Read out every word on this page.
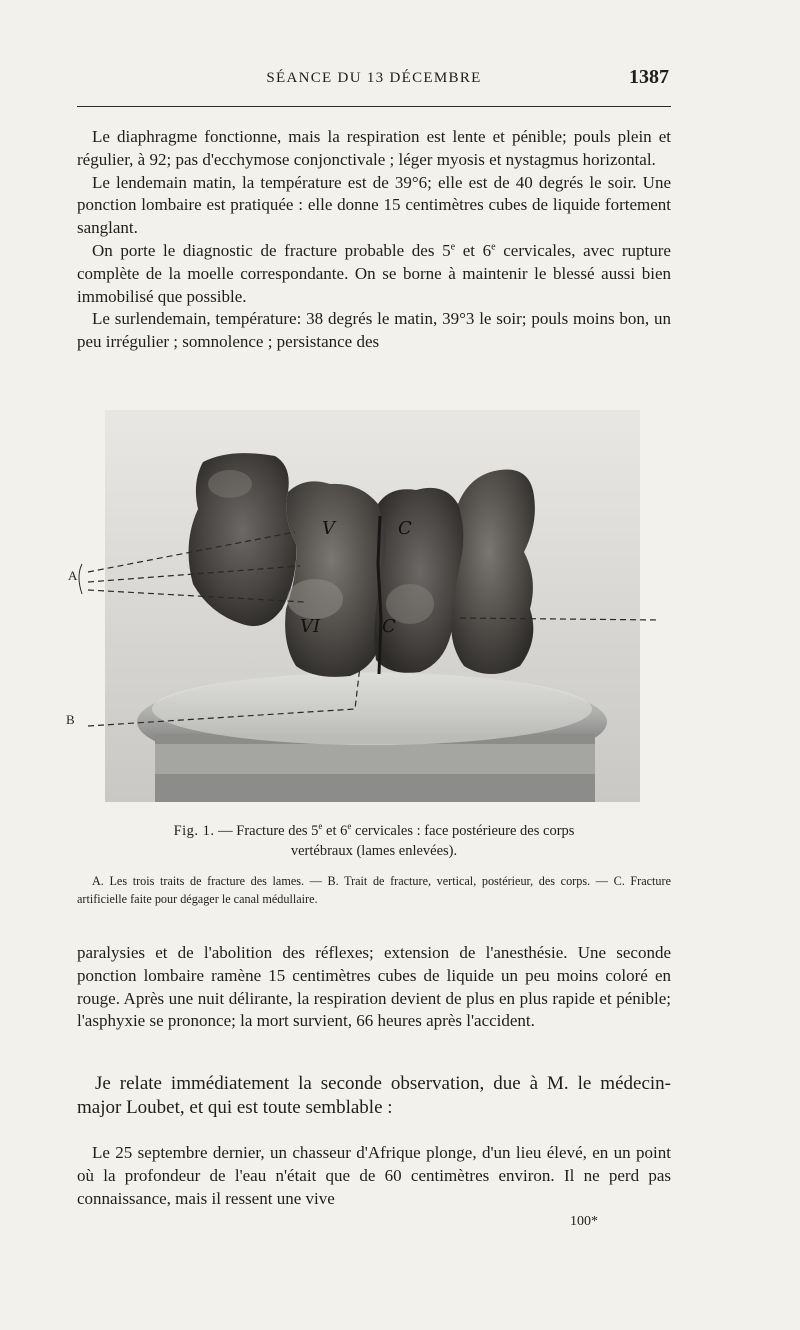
SÉANCE DU 13 DÉCEMBRE	1387

Le diaphragme fonctionne, mais la respiration est lente et pénible; pouls plein et régulier, à 92; pas d'ecchymose conjonctivale ; léger myosis et nystagmus horizontal.

Le lendemain matin, la température est de 39°6; elle est de 40 degrés le soir. Une ponction lombaire est pratiquée : elle donne 15 centimètres cubes de liquide fortement sanglant.

On porte le diagnostic de fracture probable des 5e et 6e cervicales, avec rupture complète de la moelle correspondante. On se borne à maintenir le blessé aussi bien immobilisé que possible.

Le surlendemain, température: 38 degrés le matin, 39°3 le soir; pouls moins bon, un peu irrégulier ; somnolence ; persistance des

V	C
VI	C
A
B
Fig. 1. — Fracture des 5e et 6e cervicales : face postérieure des corps
vertébraux (lames enlevées).

A. Les trois traits de fracture des lames. — B. Trait de fracture, vertical, postérieur, des corps. — C. Fracture artificielle faite pour dégager le canal médullaire.

paralysies et de l'abolition des réflexes; extension de l'anesthésie. Une seconde ponction lombaire ramène 15 centimètres cubes de liquide un peu moins coloré en rouge. Après une nuit délirante, la respiration devient de plus en plus rapide et pénible; l'asphyxie se prononce; la mort survient, 66 heures après l'accident.

Je relate immédiatement la seconde observation, due à M. le médecin-major Loubet, et qui est toute semblable :

Le 25 septembre dernier, un chasseur d'Afrique plonge, d'un lieu élevé, en un point où la profondeur de l'eau n'était que de 60 centimètres environ. Il ne perd pas connaissance, mais il ressent une vive

100*
